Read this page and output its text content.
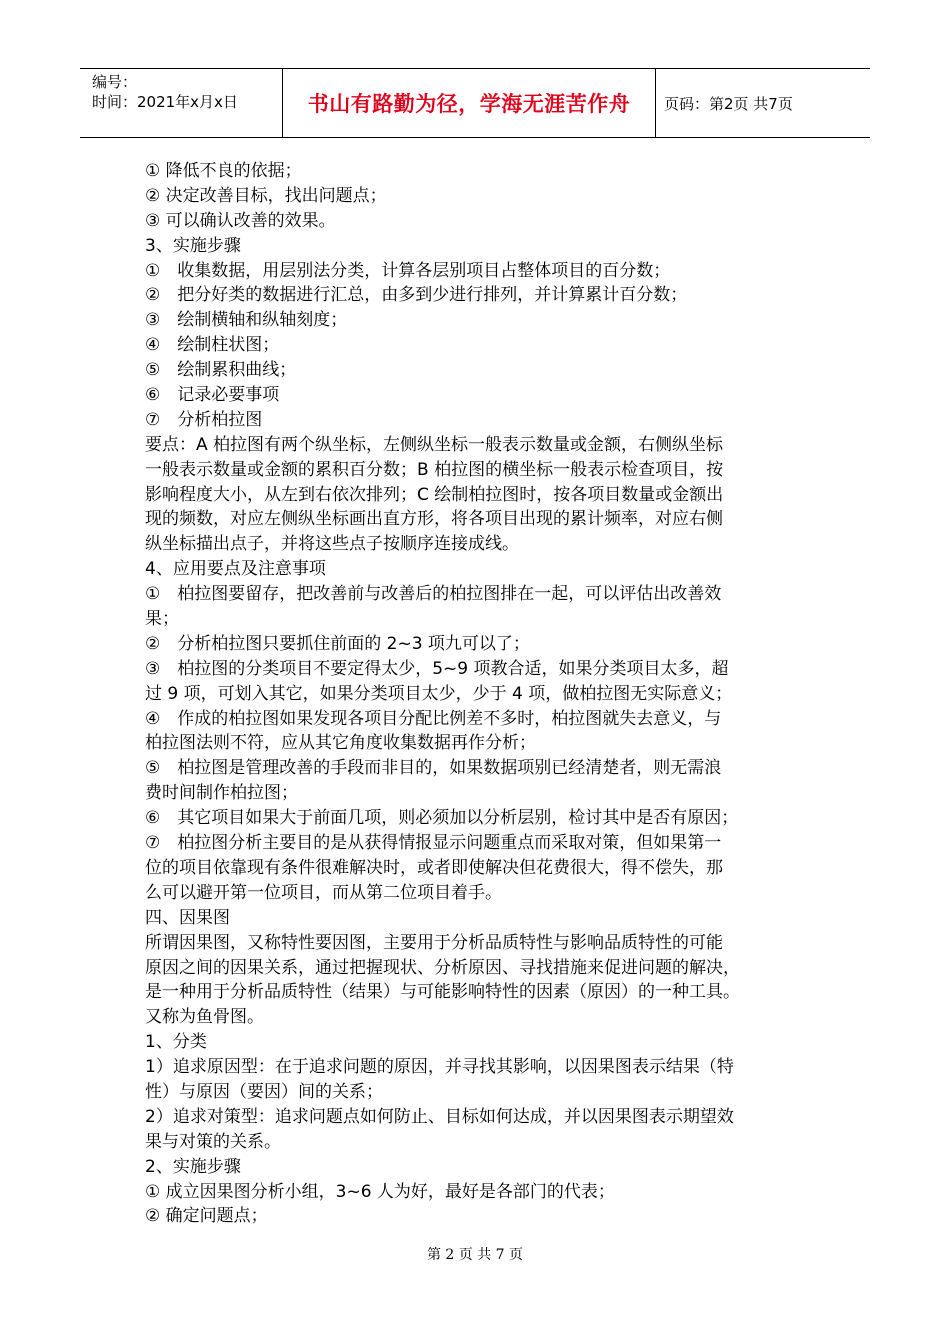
编号：
时间：2021年x月x日	书山有路勤为径，学海无涯苦作舟	页码：第2页 共7页
① 降低不良的依据；
② 决定改善目标，找出问题点；
③ 可以确认改善的效果。
3、实施步骤
①　收集数据，用层别法分类，计算各层别项目占整体项目的百分数；
②　把分好类的数据进行汇总，由多到少进行排列，并计算累计百分数；
③　绘制横轴和纵轴刻度；
④　绘制柱状图；
⑤　绘制累积曲线；
⑥　记录必要事项
⑦　分析柏拉图
要点：A 柏拉图有两个纵坐标，左侧纵坐标一般表示数量或金额，右侧纵坐标
一般表示数量或金额的累积百分数；B 柏拉图的横坐标一般表示检查项目，按
影响程度大小，从左到右依次排列；C 绘制柏拉图时，按各项目数量或金额出
现的频数，对应左侧纵坐标画出直方形，将各项目出现的累计频率，对应右侧
纵坐标描出点子，并将这些点子按顺序连接成线。
4、应用要点及注意事项
①　柏拉图要留存，把改善前与改善后的柏拉图排在一起，可以评估出改善效
果；
②　分析柏拉图只要抓住前面的 2~3 项九可以了；
③　柏拉图的分类项目不要定得太少，5~9 项教合适，如果分类项目太多，超
过 9 项，可划入其它，如果分类项目太少，少于 4 项，做柏拉图无实际意义；
④　作成的柏拉图如果发现各项目分配比例差不多时，柏拉图就失去意义，与
柏拉图法则不符，应从其它角度收集数据再作分析；
⑤　柏拉图是管理改善的手段而非目的，如果数据项别已经清楚者，则无需浪
费时间制作柏拉图；
⑥　其它项目如果大于前面几项，则必须加以分析层别，检讨其中是否有原因；
⑦　柏拉图分析主要目的是从获得情报显示问题重点而采取对策，但如果第一
位的项目依靠现有条件很难解决时，或者即使解决但花费很大，得不偿失，那
么可以避开第一位项目，而从第二位项目着手。
四、因果图
所谓因果图，又称特性要因图，主要用于分析品质特性与影响品质特性的可能
原因之间的因果关系，通过把握现状、分析原因、寻找措施来促进问题的解决，
是一种用于分析品质特性（结果）与可能影响特性的因素（原因）的一种工具。
又称为鱼骨图。
1、分类
1）追求原因型：在于追求问题的原因，并寻找其影响，以因果图表示结果（特
性）与原因（要因）间的关系；
2）追求对策型：追求问题点如何防止、目标如何达成，并以因果图表示期望效
果与对策的关系。
2、实施步骤
① 成立因果图分析小组，3~6 人为好，最好是各部门的代表；
② 确定问题点；
第 2 页 共 7 页
